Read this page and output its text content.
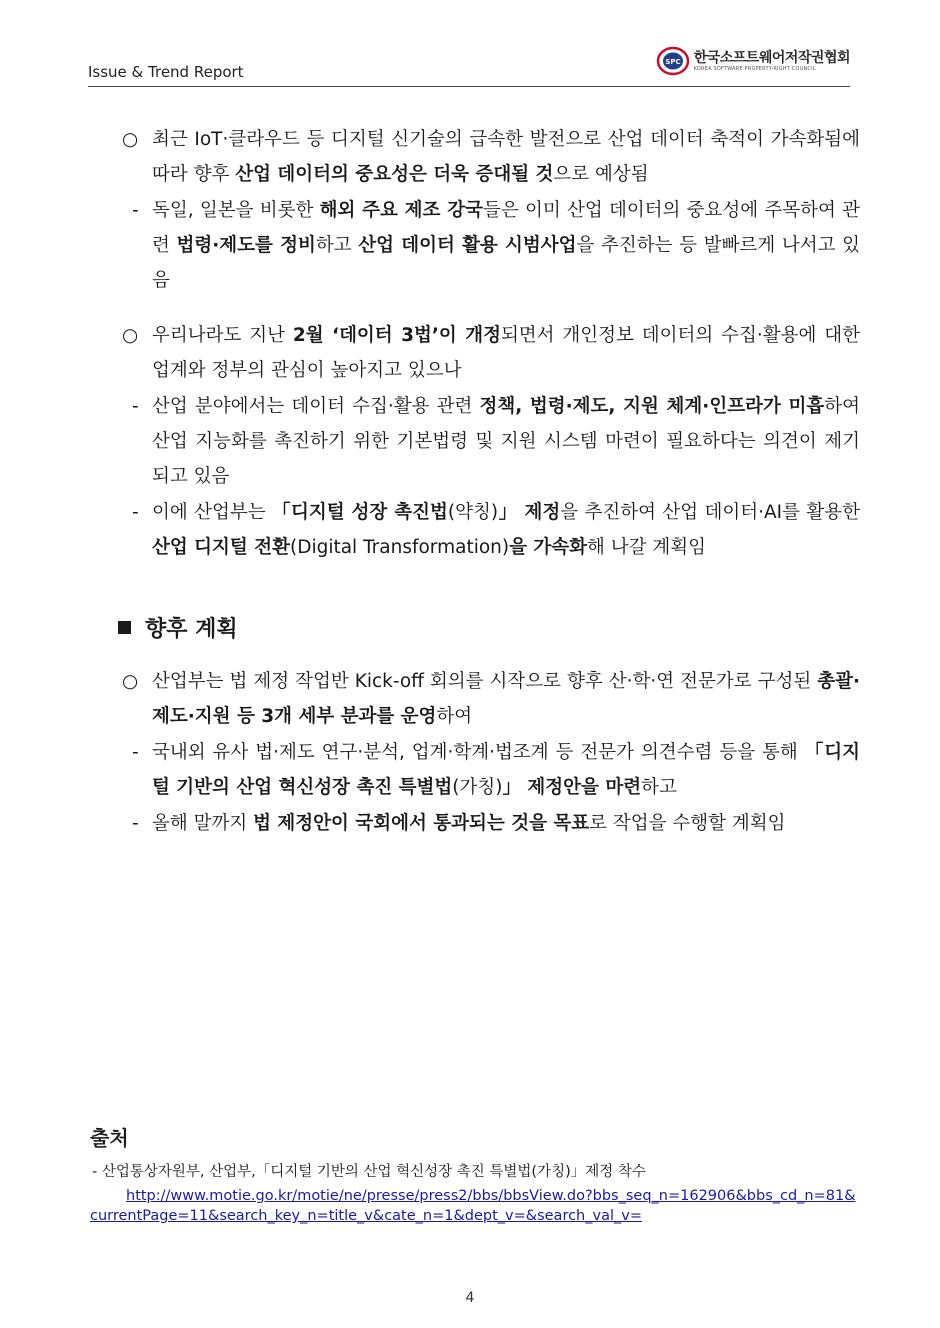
Issue & Trend Report
SPC 한국소프트웨어저작권협회
KOREA SOFTWARE PROPERTY-RIGHT COUNCIL

○ 최근 IoT·클라우드 등 디지털 신기술의 급속한 발전으로 산업 데이터 축적이 가속화됨에 따라 향후 산업 데이터의 중요성은 더욱 증대될 것으로 예상됨

- 독일, 일본을 비롯한 해외 주요 제조 강국들은 이미 산업 데이터의 중요성에 주목하여 관련 법령·제도를 정비하고 산업 데이터 활용 시범사업을 추진하는 등 발빠르게 나서고 있음

○ 우리나라도 지난 2월 ‘데이터 3법’이 개정되면서 개인정보 데이터의 수집·활용에 대한 업계와 정부의 관심이 높아지고 있으나

- 산업 분야에서는 데이터 수집·활용 관련 정책, 법령·제도, 지원 체계·인프라가 미흡하여 산업 지능화를 촉진하기 위한 기본법령 및 지원 시스템 마련이 필요하다는 의견이 제기되고 있음

- 이에 산업부는 「디지털 성장 촉진법(약칭)」 제정을 추진하여 산업 데이터·AI를 활용한 산업 디지털 전환(Digital Transformation)을 가속화해 나갈 계획임

향후 계획

○ 산업부는 법 제정 작업반 Kick-off 회의를 시작으로 향후 산·학·연 전문가로 구성된 총괄·제도·지원 등 3개 세부 분과를 운영하여

- 국내외 유사 법·제도 연구·분석, 업계·학계·법조계 등 전문가 의견수렴 등을 통해 「디지털 기반의 산업 혁신성장 촉진 특별법(가칭)」 제정안을 마련하고

- 올해 말까지 법 제정안이 국회에서 통과되는 것을 목표로 작업을 수행할 계획임

출처
- 산업통상자원부, 산업부,「디지털 기반의 산업 혁신성장 촉진 특별법(가칭)」제정 착수
http://www.motie.go.kr/motie/ne/presse/press2/bbs/bbsView.do?bbs_seq_n=162906&bbs_cd_n=81&currentPage=11&search_key_n=title_v&cate_n=1&dept_v=&search_val_v=
4
